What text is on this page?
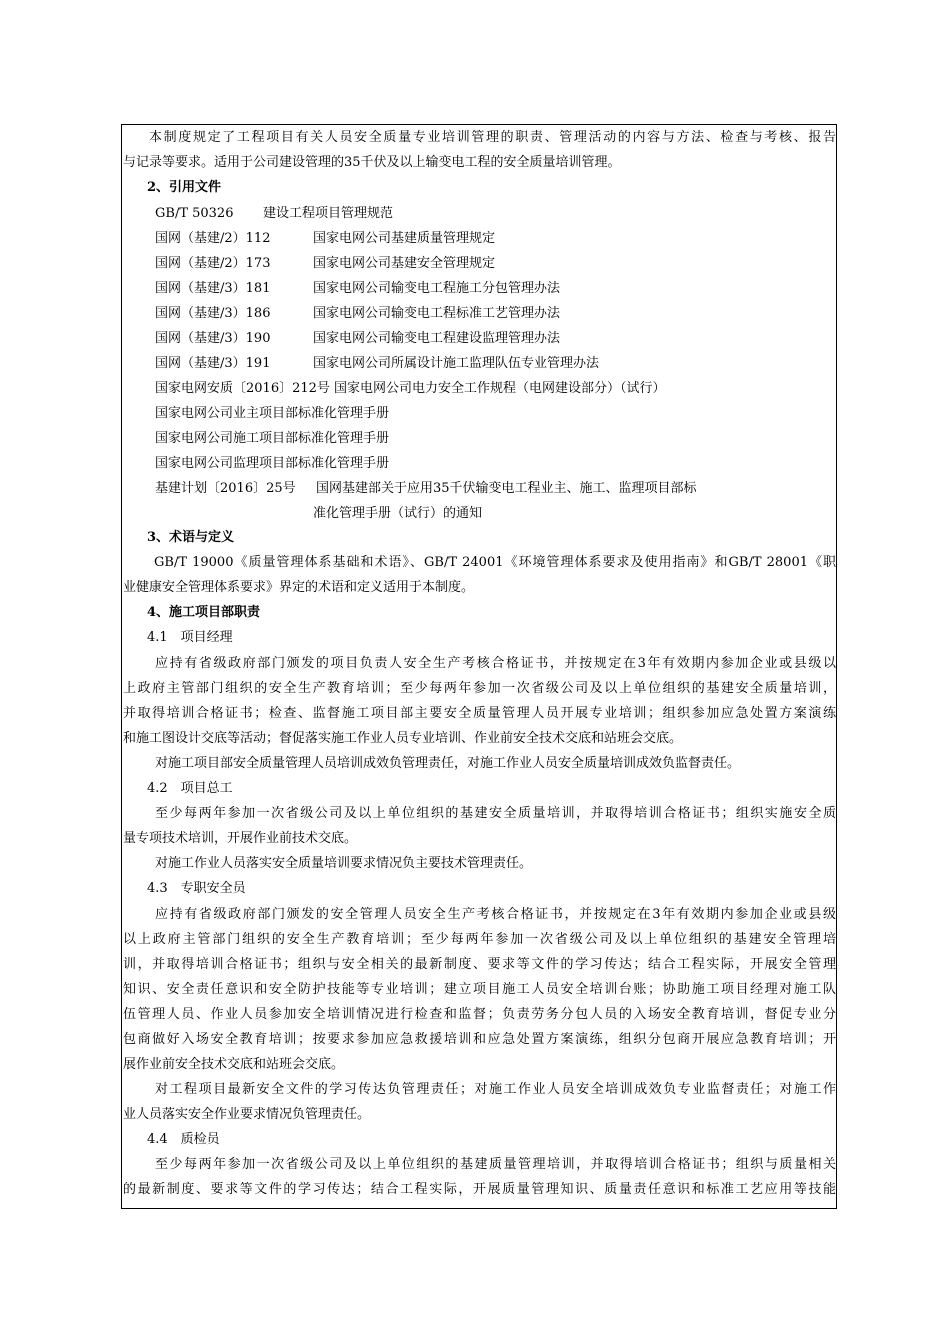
本制度规定了工程项目有关人员安全质量专业培训管理的职责、管理活动的内容与方法、检查与考核、报告
与记录等要求。适用于公司建设管理的35千伏及以上输变电工程的安全质量培训管理。
2、引用文件
GB/T 50326 建设工程项目管理规范
国网（基建/2）112	国家电网公司基建质量管理规定
国网（基建/2）173	国家电网公司基建安全管理规定
国网（基建/3）181	国家电网公司输变电工程施工分包管理办法
国网（基建/3）186	国家电网公司输变电工程标准工艺管理办法
国网（基建/3）190	国家电网公司输变电工程建设监理管理办法
国网（基建/3）191	国家电网公司所属设计施工监理队伍专业管理办法
国家电网安质〔2016〕212号 国家电网公司电力安全工作规程（电网建设部分）（试行）
国家电网公司业主项目部标准化管理手册
国家电网公司施工项目部标准化管理手册
国家电网公司监理项目部标准化管理手册
基建计划〔2016〕25号 国网基建部关于应用35千伏输变电工程业主、施工、监理项目部标
准化管理手册（试行）的通知
3、术语与定义
GB/T 19000《质量管理体系基础和术语》、GB/T 24001《环境管理体系要求及使用指南》和GB/T 28001《职
业健康安全管理体系要求》界定的术语和定义适用于本制度。
4、施工项目部职责
4.1　项目经理
应持有省级政府部门颁发的项目负责人安全生产考核合格证书，并按规定在3年有效期内参加企业或县级以
上政府主管部门组织的安全生产教育培训；至少每两年参加一次省级公司及以上单位组织的基建安全质量培训，
并取得培训合格证书；检查、监督施工项目部主要安全质量管理人员开展专业培训；组织参加应急处置方案演练
和施工图设计交底等活动；督促落实施工作业人员专业培训、作业前安全技术交底和站班会交底。
对施工项目部安全质量管理人员培训成效负管理责任，对施工作业人员安全质量培训成效负监督责任。
4.2　项目总工
至少每两年参加一次省级公司及以上单位组织的基建安全质量培训，并取得培训合格证书；组织实施安全质
量专项技术培训，开展作业前技术交底。
对施工作业人员落实安全质量培训要求情况负主要技术管理责任。
4.3　专职安全员
应持有省级政府部门颁发的安全管理人员安全生产考核合格证书，并按规定在3年有效期内参加企业或县级
以上政府主管部门组织的安全生产教育培训；至少每两年参加一次省级公司及以上单位组织的基建安全管理培
训，并取得培训合格证书；组织与安全相关的最新制度、要求等文件的学习传达；结合工程实际，开展安全管理
知识、安全责任意识和安全防护技能等专业培训；建立项目施工人员安全培训台账；协助施工项目经理对施工队
伍管理人员、作业人员参加安全培训情况进行检查和监督；负责劳务分包人员的入场安全教育培训，督促专业分
包商做好入场安全教育培训；按要求参加应急救援培训和应急处置方案演练，组织分包商开展应急教育培训；开
展作业前安全技术交底和站班会交底。
对工程项目最新安全文件的学习传达负管理责任；对施工作业人员安全培训成效负专业监督责任；对施工作
业人员落实安全作业要求情况负管理责任。
4.4　质检员
至少每两年参加一次省级公司及以上单位组织的基建质量管理培训，并取得培训合格证书；组织与质量相关
的最新制度、要求等文件的学习传达；结合工程实际，开展质量管理知识、质量责任意识和标准工艺应用等技能
